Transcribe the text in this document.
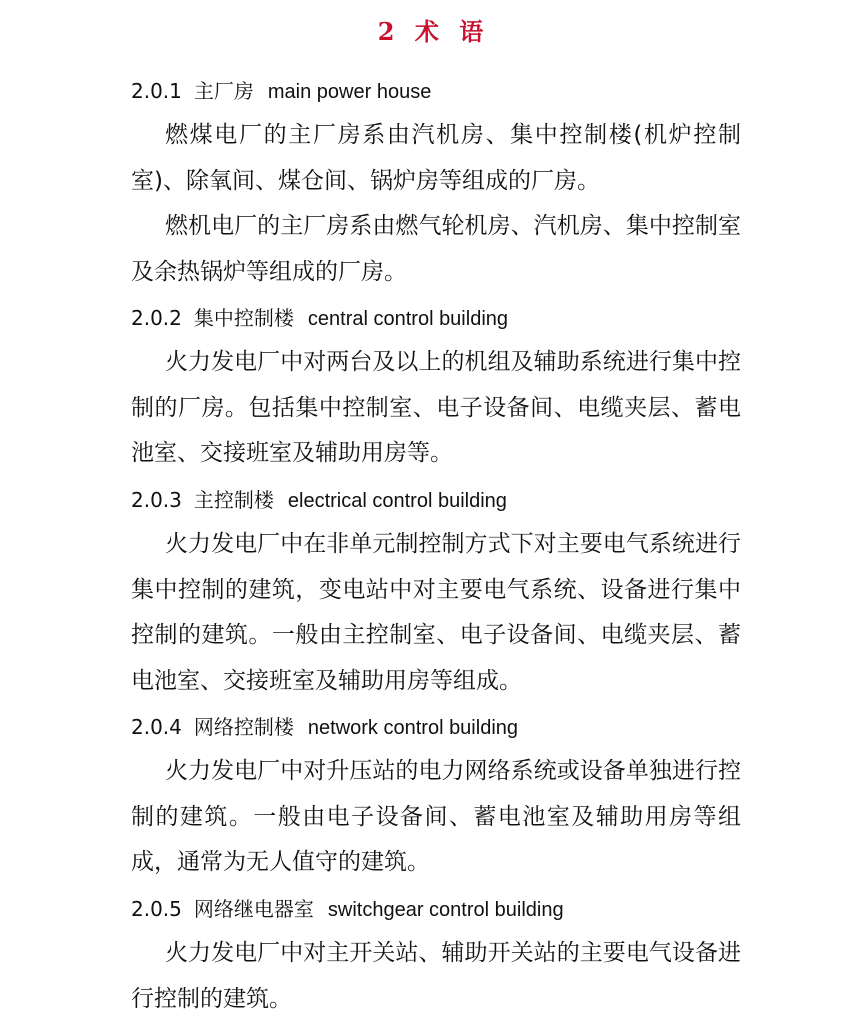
2 术 语
2.0.1 主厂房 main power house

燃煤电厂的主厂房系由汽机房、集中控制楼(机炉控制室)、除氧间、煤仓间、锅炉房等组成的厂房。

燃机电厂的主厂房系由燃气轮机房、汽机房、集中控制室及余热锅炉等组成的厂房。

2.0.2 集中控制楼 central control building

火力发电厂中对两台及以上的机组及辅助系统进行集中控制的厂房。包括集中控制室、电子设备间、电缆夹层、蓄电池室、交接班室及辅助用房等。

2.0.3 主控制楼 electrical control building

火力发电厂中在非单元制控制方式下对主要电气系统进行集中控制的建筑，变电站中对主要电气系统、设备进行集中控制的建筑。一般由主控制室、电子设备间、电缆夹层、蓄电池室、交接班室及辅助用房等组成。

2.0.4 网络控制楼 network control building

火力发电厂中对升压站的电力网络系统或设备单独进行控制的建筑。一般由电子设备间、蓄电池室及辅助用房等组成，通常为无人值守的建筑。

2.0.5 网络继电器室 switchgear control building

火力发电厂中对主开关站、辅助开关站的主要电气设备进行控制的建筑。
